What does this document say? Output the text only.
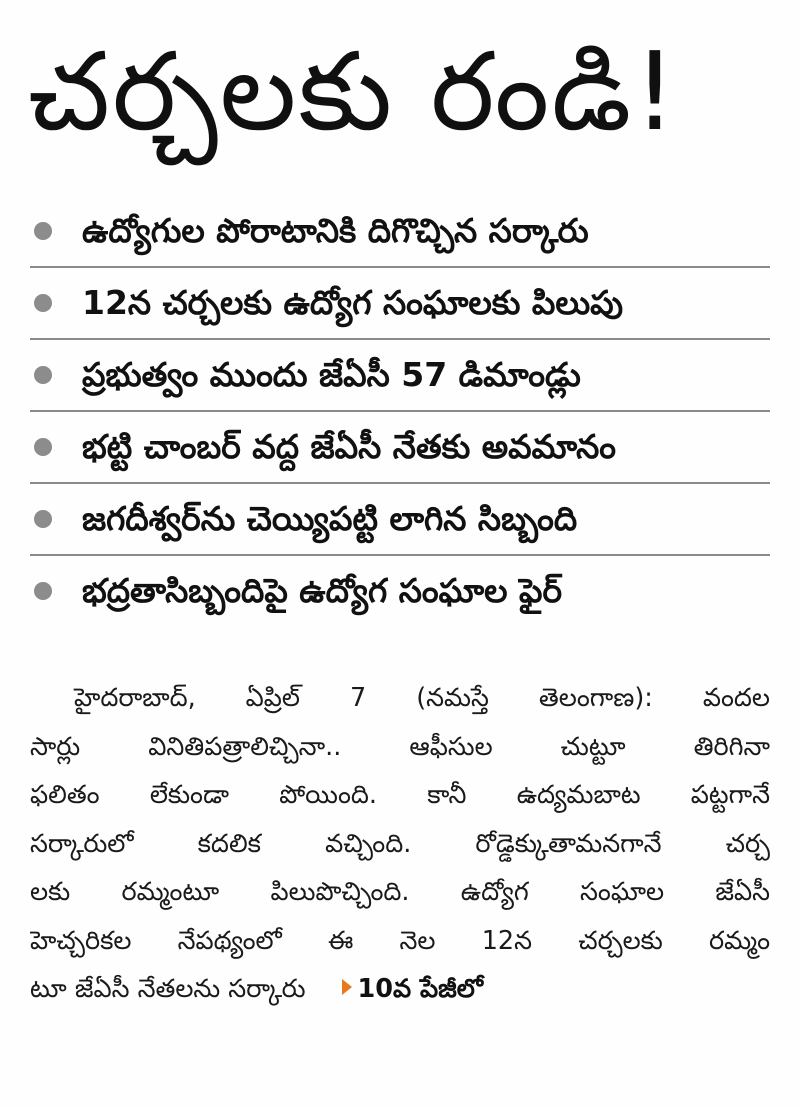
చర్చలకు రండి!
ఉద్యోగుల పోరాటానికి దిగొచ్చిన సర్కారు
12న చర్చలకు ఉద్యోగ సంఘాలకు పిలుపు
ప్రభుత్వం ముందు జేఏసీ 57 డిమాండ్లు
భట్టి చాంబర్ వద్ద జేఏసీ నేతకు అవమానం
జగదీశ్వర్‌ను చెయ్యిపట్టి లాగిన సిబ్బంది
భద్రతాసిబ్బందిపై ఉద్యోగ సంఘాల ఫైర్
హైదరాబాద్, ఏప్రిల్ 7 (నమస్తే తెలంగాణ): వందల
సార్లు వినితిపత్రాలిచ్చినా.. ఆఫీసుల చుట్టూ తిరిగినా
ఫలితం లేకుండా పోయింది. కానీ ఉద్యమబాట పట్టగానే
సర్కారులో కదలిక వచ్చింది. రోడ్డెక్కుతామనగానే చర్చ
లకు రమ్మంటూ పిలుపొచ్చింది. ఉద్యోగ సంఘాల జేఏసీ
హెచ్చరికల నేపథ్యంలో ఈ నెల 12న చర్చలకు రమ్మం
టూ జేఏసీ నేతలను సర్కారు 10వ పేజీలో
